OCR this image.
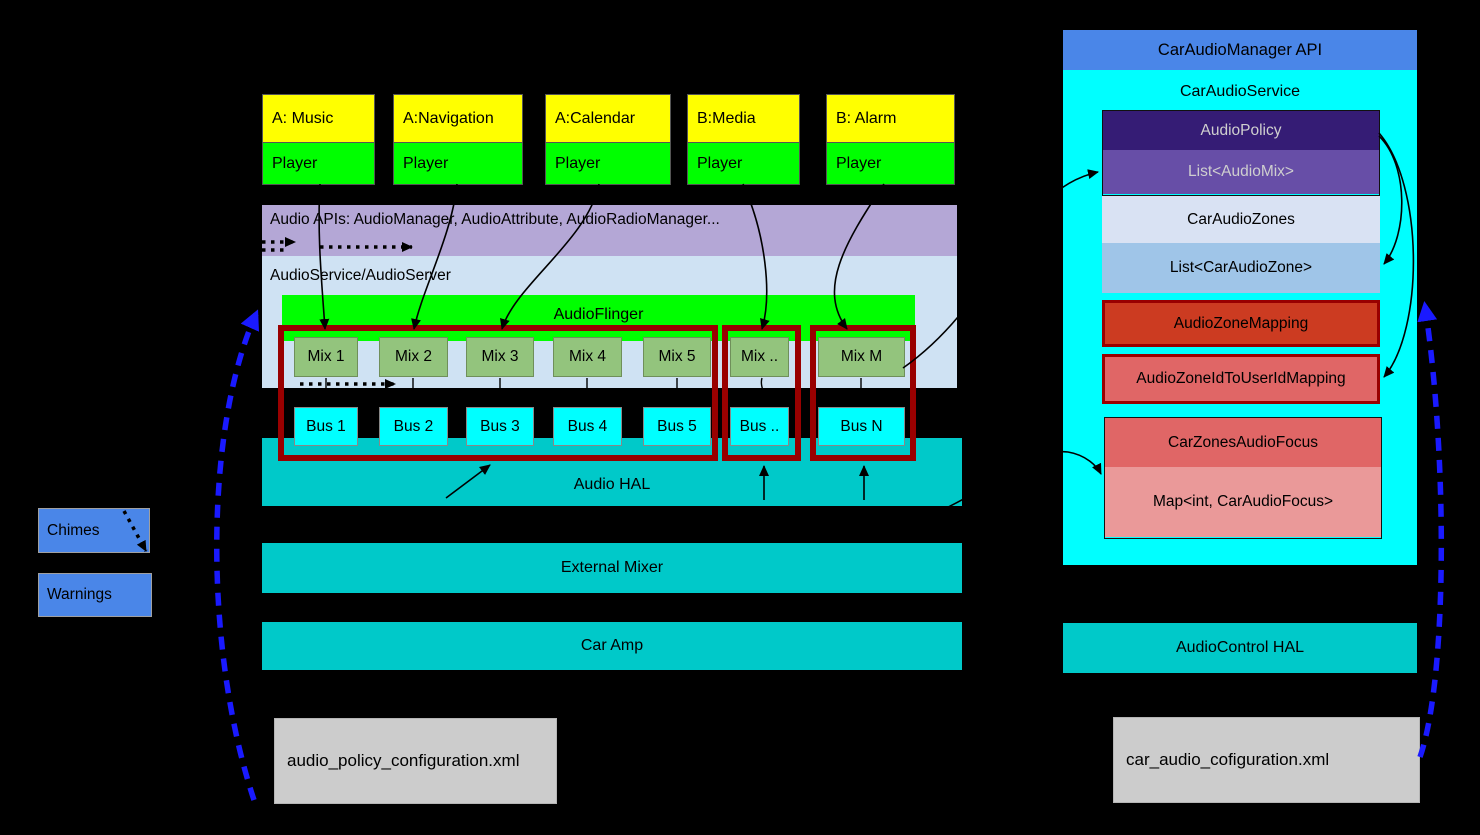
A: Music
Player
A:Navigation
Player
A:Calendar
Player
B:Media
Player
B: Alarm
Player
Audio APIs: AudioManager, AudioAttribute, AudioRadioManager...
AudioService/AudioServer
AudioFlinger
Mix 1	Mix 2	Mix 3	Mix 4	Mix 5	Mix ..	Mix M
Bus 1	Bus 2	Bus 3	Bus 4	Bus 5	Bus ..	Bus N
Audio HAL
External Mixer
Car Amp
Chimes
Warnings
audio_policy_configuration.xml	car_audio_cofiguration.xml
CarAudioManager API
CarAudioService
AudioPolicy
List<AudioMix>
CarAudioZones
List<CarAudioZone>
AudioZoneMapping
AudioZoneIdToUserIdMapping
CarZonesAudioFocus
Map<int, CarAudioFocus>
AudioControl HAL
